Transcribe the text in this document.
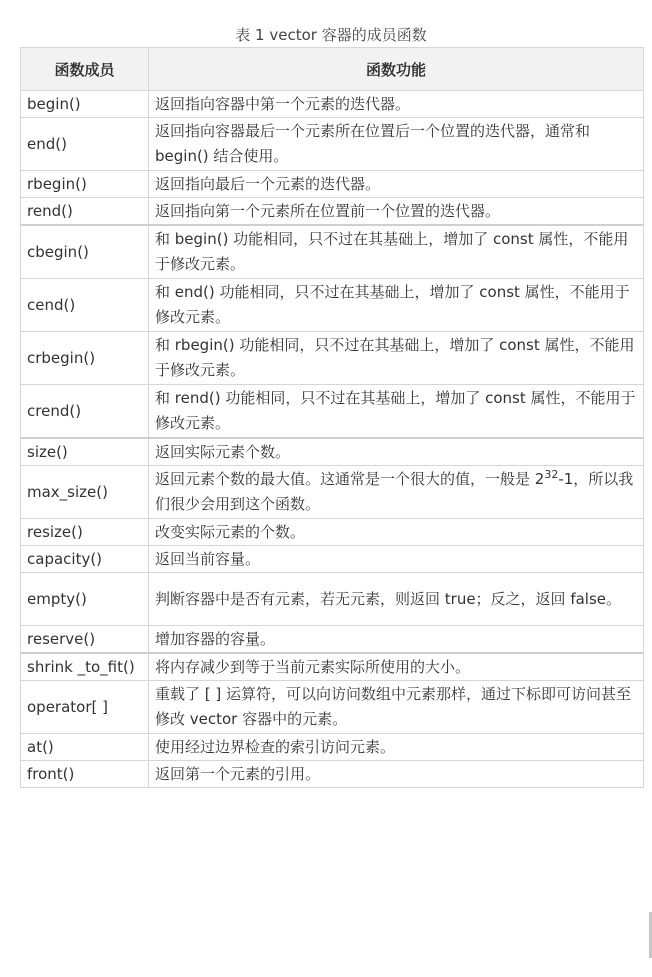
表 1 vector 容器的成员函数
函数成员	函数功能
begin()	返回指向容器中第一个元素的迭代器。
end()	返回指向容器最后一个元素所在位置后一个位置的迭代器，通常和 begin() 结合使用。
rbegin()	返回指向最后一个元素的迭代器。
rend()	返回指向第一个元素所在位置前一个位置的迭代器。
cbegin()	和 begin() 功能相同，只不过在其基础上，增加了 const 属性，不能用于修改元素。
cend()	和 end() 功能相同，只不过在其基础上，增加了 const 属性，不能用于修改元素。
crbegin()	和 rbegin() 功能相同，只不过在其基础上，增加了 const 属性，不能用于修改元素。
crend()	和 rend() 功能相同，只不过在其基础上，增加了 const 属性，不能用于修改元素。
size()	返回实际元素个数。
max_size()	返回元素个数的最大值。这通常是一个很大的值，一般是 $2^{32}-1$，所以我们很少会用到这个函数。
resize()	改变实际元素的个数。
capacity()	返回当前容量。
empty()	判断容器中是否有元素，若无元素，则返回 true；反之，返回 false。
reserve()	增加容器的容量。
shrink _to_fit()	将内存减少到等于当前元素实际所使用的大小。
operator[ ]	重载了 [ ] 运算符，可以向访问数组中元素那样，通过下标即可访问甚至修改 vector 容器中的元素。
at()	使用经过边界检查的索引访问元素。
front()	返回第一个元素的引用。
